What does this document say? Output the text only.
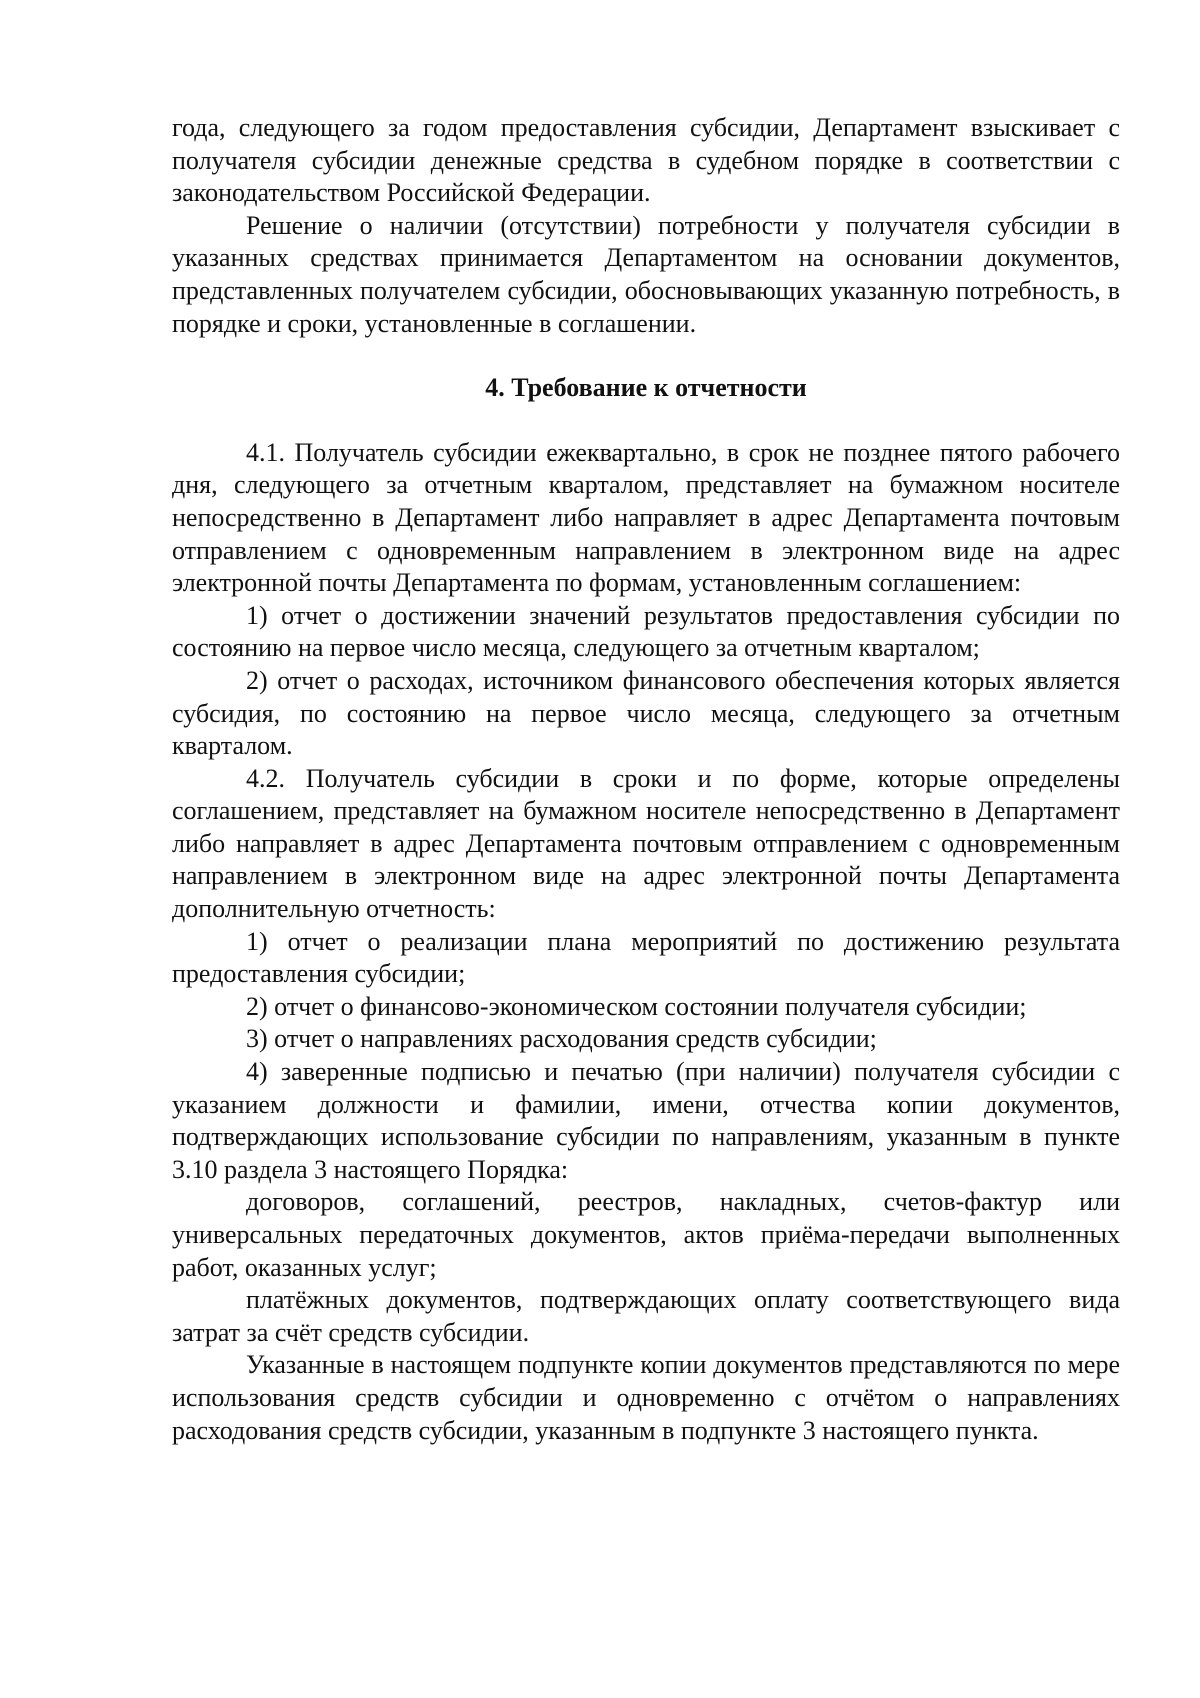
года, следующего за годом предоставления субсидии, Департамент взыскивает с получателя субсидии денежные средства в судебном порядке в соответствии с законодательством Российской Федерации.

Решение о наличии (отсутствии) потребности у получателя субсидии в указанных средствах принимается Департаментом на основании документов, представленных получателем субсидии, обосновывающих указанную потребность, в порядке и сроки, установленные в соглашении.

4. Требование к отчетности

4.1. Получатель субсидии ежеквартально, в срок не позднее пятого рабочего дня, следующего за отчетным кварталом, представляет на бумажном носителе непосредственно в Департамент либо направляет в адрес Департамента почтовым отправлением с одновременным направлением в электронном виде на адрес электронной почты Департамента по формам, установленным соглашением:

1) отчет о достижении значений результатов предоставления субсидии по состоянию на первое число месяца, следующего за отчетным кварталом;

2) отчет о расходах, источником финансового обеспечения которых является субсидия, по состоянию на первое число месяца, следующего за отчетным кварталом.

4.2. Получатель субсидии в сроки и по форме, которые определены соглашением, представляет на бумажном носителе непосредственно в Департамент либо направляет в адрес Департамента почтовым отправлением с одновременным направлением в электронном виде на адрес электронной почты Департамента дополнительную отчетность:

1) отчет о реализации плана мероприятий по достижению результата предоставления субсидии;

2) отчет о финансово-экономическом состоянии получателя субсидии;

3) отчет о направлениях расходования средств субсидии;

4) заверенные подписью и печатью (при наличии) получателя субсидии с указанием должности и фамилии, имени, отчества копии документов, подтверждающих использование субсидии по направлениям, указанным в пункте 3.10 раздела 3 настоящего Порядка:

договоров, соглашений, реестров, накладных, счетов-фактур или универсальных передаточных документов, актов приёма-передачи выполненных работ, оказанных услуг;

платёжных документов, подтверждающих оплату соответствующего вида затрат за счёт средств субсидии.

Указанные в настоящем подпункте копии документов представляются по мере использования средств субсидии и одновременно с отчётом о направлениях расходования средств субсидии, указанным в подпункте 3 настоящего пункта.
